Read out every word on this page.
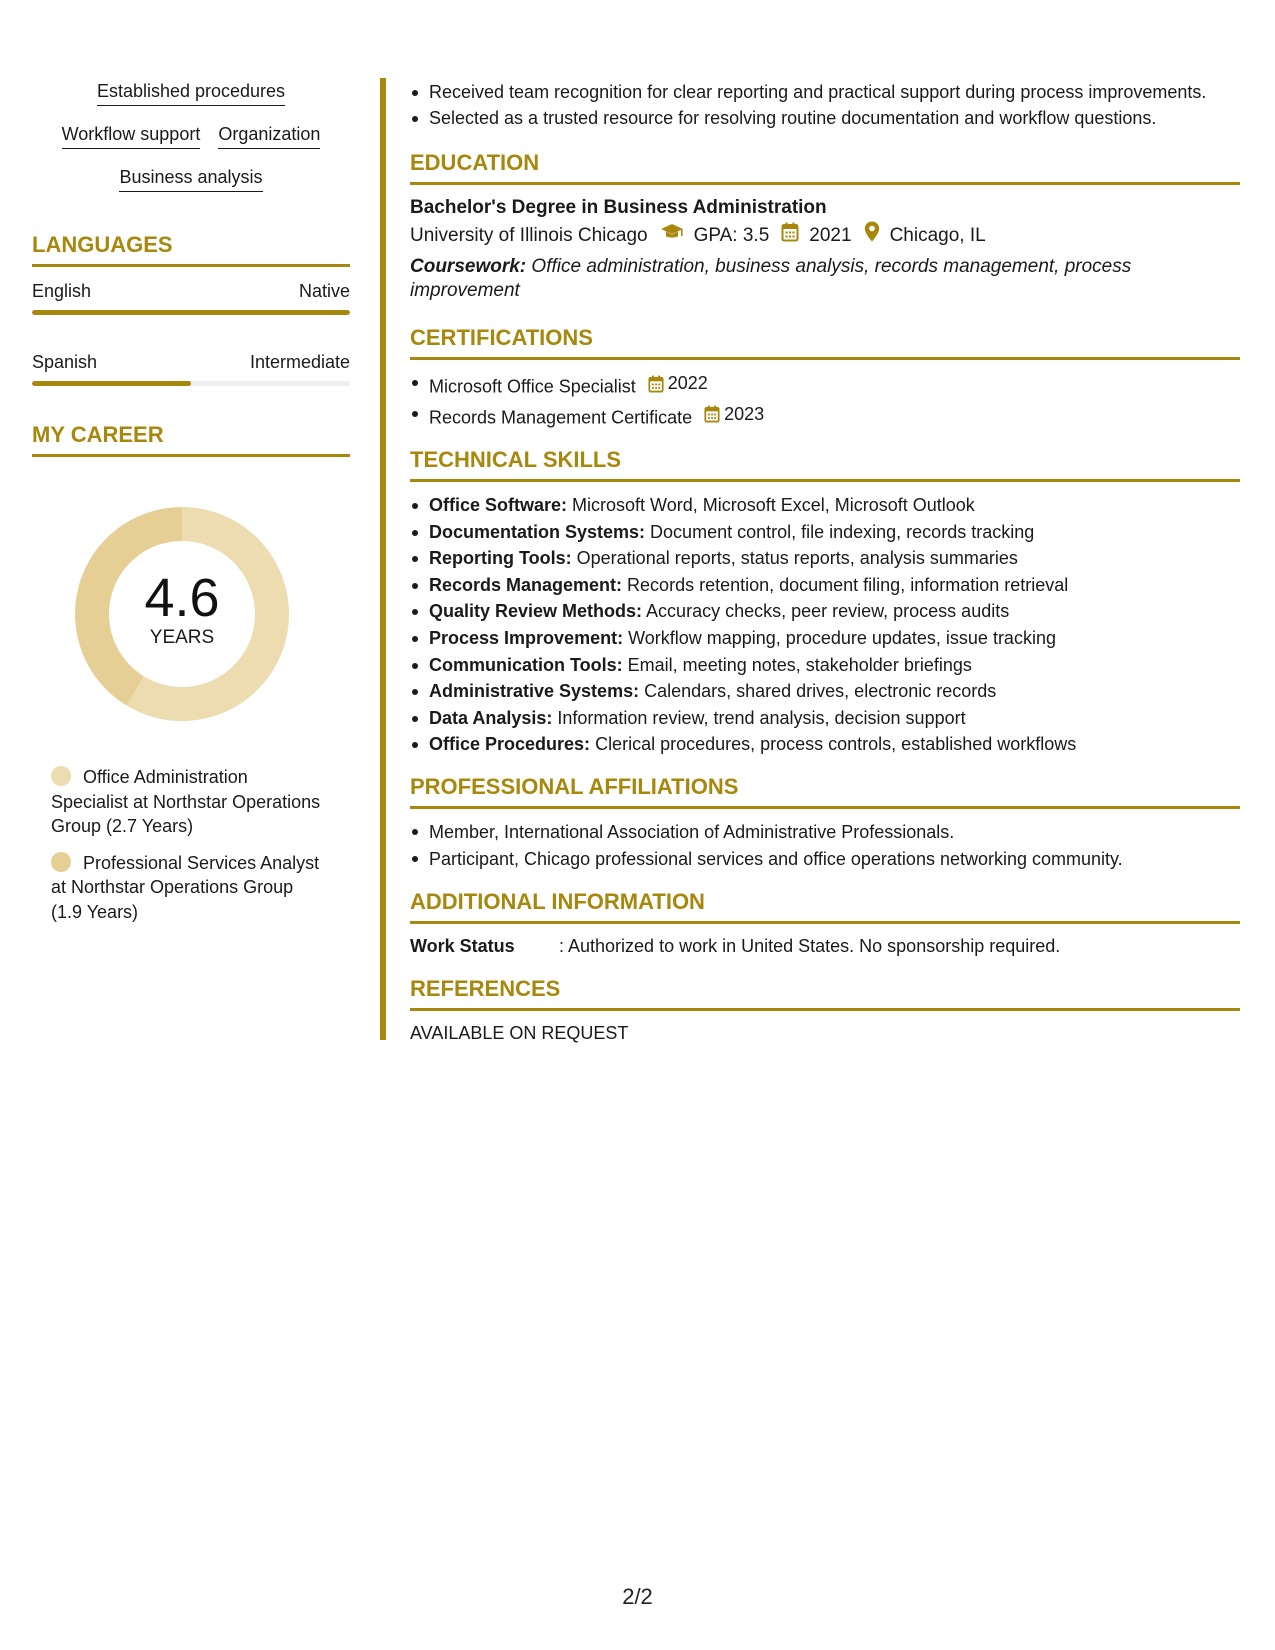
Established procedures
Workflow support Organization
Business analysis
LANGUAGES
English	Native
Spanish	Intermediate
MY CAREER
4.6
YEARS
Office Administration Specialist at Northstar Operations Group (2.7 Years)
Professional Services Analyst at Northstar Operations Group (1.9 Years)
Received team recognition for clear reporting and practical support during process improvements.
Selected as a trusted resource for resolving routine documentation and workflow questions.
EDUCATION
Bachelor's Degree in Business Administration
University of Illinois Chicago GPA: 3.5 2021 Chicago, IL
Coursework: Office administration, business analysis, records management, process improvement
CERTIFICATIONS
Microsoft Office Specialist 2022
Records Management Certificate 2023
TECHNICAL SKILLS
Office Software: Microsoft Word, Microsoft Excel, Microsoft Outlook
Documentation Systems: Document control, file indexing, records tracking
Reporting Tools: Operational reports, status reports, analysis summaries
Records Management: Records retention, document filing, information retrieval
Quality Review Methods: Accuracy checks, peer review, process audits
Process Improvement: Workflow mapping, procedure updates, issue tracking
Communication Tools: Email, meeting notes, stakeholder briefings
Administrative Systems: Calendars, shared drives, electronic records
Data Analysis: Information review, trend analysis, decision support
Office Procedures: Clerical procedures, process controls, established workflows
PROFESSIONAL AFFILIATIONS
Member, International Association of Administrative Professionals.
Participant, Chicago professional services and office operations networking community.
ADDITIONAL INFORMATION
Work Status	: Authorized to work in United States. No sponsorship required.
REFERENCES
AVAILABLE ON REQUEST
2/2
